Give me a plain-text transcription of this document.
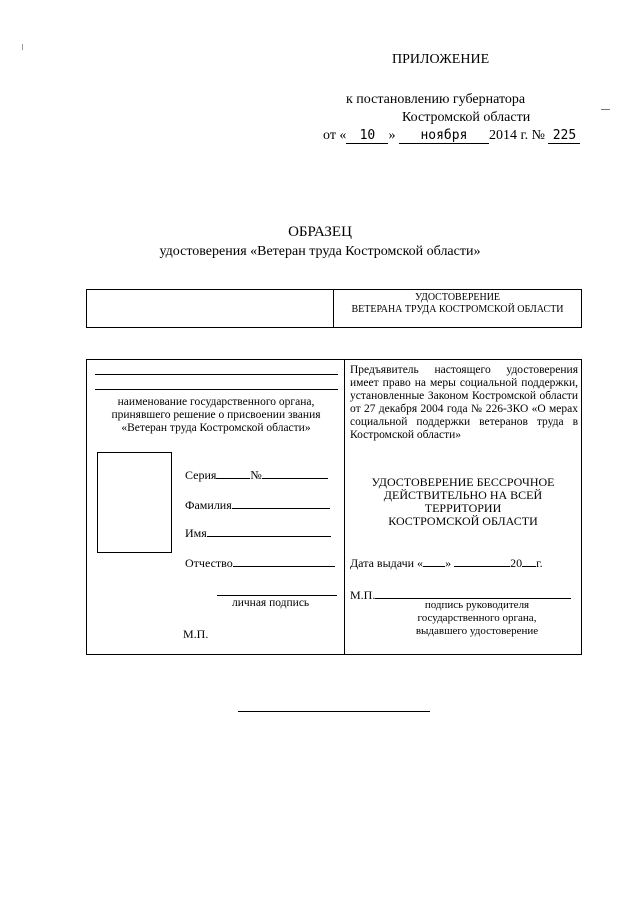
ПРИЛОЖЕНИЕ
к постановлению губернатора
Костромской области
от « 10 » ноября 2014 г. № 225
ОБРАЗЕЦ
удостоверения «Ветеран труда Костромской области»
УДОСТОВЕРЕНИЕ
ВЕТЕРАНА ТРУДА КОСТРОМСКОЙ ОБЛАСТИ
наименование государственного органа,
принявшего решение о присвоении звания
«Ветеран труда Костромской области»
Серия	№
Фамилия
Имя
Отчество
личная подпись
М.П.
Предъявитель настоящего удостоверения имеет право на меры социальной поддержки, установленные Законом Костромской области от 27 декабря 2004 года № 226-ЗКО «О мерах социальной поддержки ветеранов труда в Костромской области»
УДОСТОВЕРЕНИЕ БЕССРОЧНОЕ
ДЕЙСТВИТЕЛЬНО НА ВСЕЙ
ТЕРРИТОРИИ
КОСТРОМСКОЙ ОБЛАСТИ
Дата выдачи « »	20 г.
М.П.
подпись руководителя
государственного органа,
выдавшего удостоверение
